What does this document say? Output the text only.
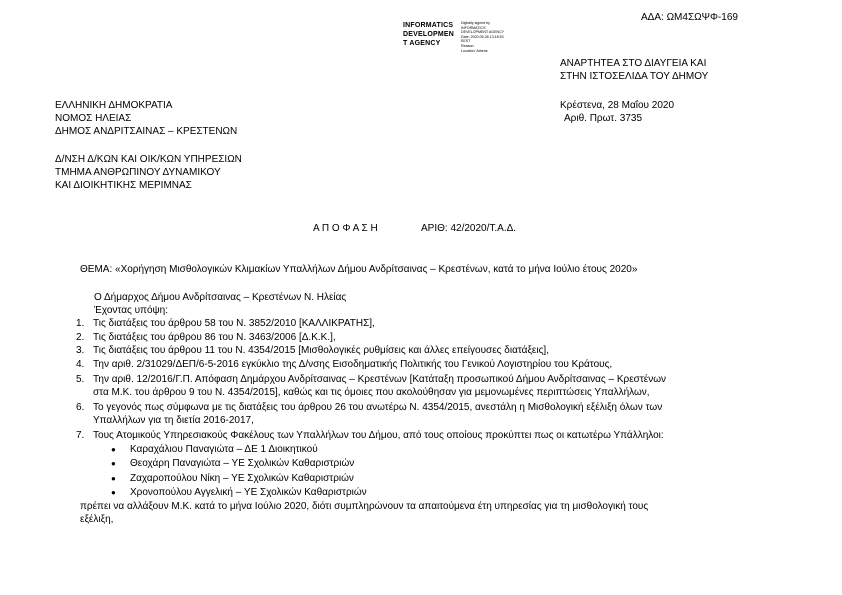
ΑΔΑ: ΩΜ4ΣΩΨΦ-169
INFORMATICS
DEVELOPMEN
T AGENCY
Digitally signed by
INFORMATICS
DEVELOPMENT AGENCY
Date: 2020.05.28 13:18:53
EEST
Reason:
Location: Athens
ΑΝΑΡΤΗΤΕΑ ΣΤΟ ΔΙΑΥΓΕΙΑ ΚΑΙ
ΣΤΗΝ ΙΣΤΟΣΕΛΙΔΑ ΤΟΥ ΔΗΜΟΥ
Κρέστενα, 28 Μαΐου 2020
Αριθ. Πρωτ. 3735
ΕΛΛΗΝΙΚΗ ΔΗΜΟΚΡΑΤΙΑ
ΝΟΜΟΣ ΗΛΕΙΑΣ
ΔΗΜΟΣ ΑΝΔΡΙΤΣΑΙΝΑΣ – ΚΡΕΣΤΕΝΩΝ
Δ/ΝΣΗ Δ/ΚΩΝ ΚΑΙ ΟΙΚ/ΚΩΝ ΥΠΗΡΕΣΙΩΝ
ΤΜΗΜΑ ΑΝΘΡΩΠΙΝΟΥ ΔΥΝΑΜΙΚΟΥ
ΚΑΙ ΔΙΟΙΚΗΤΙΚΗΣ ΜΕΡΙΜΝΑΣ
Α Π Ο Φ Α Σ Η	ΑΡΙΘ: 42/2020/Τ.Α.Δ.
ΘΕΜΑ: «Χορήγηση Μισθολογικών Κλιμακίων Υπαλλήλων Δήμου Ανδρίτσαινας – Κρεστένων, κατά το μήνα Ιούλιο έτους 2020»
Ο Δήμαρχος Δήμου Ανδρίτσαινας – Κρεστένων Ν. Ηλείας
Έχοντας υπόψη:
1. Τις διατάξεις του άρθρου 58 του Ν. 3852/2010 [ΚΑΛΛΙΚΡΑΤΗΣ],
2. Τις διατάξεις του άρθρου 86 του Ν. 3463/2006 [Δ.Κ.Κ.],
3. Τις διατάξεις του άρθρου 11 του Ν. 4354/2015 [Μισθολογικές ρυθμίσεις και άλλες επείγουσες διατάξεις],
4. Την αριθ. 2/31029/ΔΕΠ/6-5-2016 εγκύκλιο της Δ/νσης Εισοδηματικής Πολιτικής του Γενικού Λογιστηρίου του Κράτους,
5. Την αριθ. 12/2016/Γ.Π. Απόφαση Δημάρχου Ανδρίτσαινας – Κρεστένων [Κατάταξη προσωπικού Δήμου Ανδρίτσαινας – Κρεστένων
στα Μ.Κ. του άρθρου 9 του Ν. 4354/2015], καθώς και τις όμοιες που ακολούθησαν για μεμονωμένες περιπτώσεις Υπαλλήλων,
6. Το γεγονός πως σύμφωνα με τις διατάξεις του άρθρου 26 του ανωτέρω Ν. 4354/2015, ανεστάλη η Μισθολογική εξέλιξη όλων των
Υπαλλήλων για τη διετία 2016-2017,
7. Τους Ατομικούς Υπηρεσιακούς Φακέλους των Υπαλλήλων του Δήμου, από τους οποίους προκύπτει πως οι κατωτέρω Υπάλληλοι:
● Καραχάλιου Παναγιώτα – ΔΕ 1 Διοικητικού
● Θεοχάρη Παναγιώτα – ΥΕ Σχολικών Καθαριστριών
● Ζαχαροπούλου Νίκη – ΥΕ Σχολικών Καθαριστριών
● Χρονοπούλου Αγγελική – ΥΕ Σχολικών Καθαριστριών
πρέπει να αλλάξουν Μ.Κ. κατά το μήνα Ιούλιο 2020, διότι συμπληρώνουν τα απαιτούμενα έτη υπηρεσίας για τη μισθολογική τους
εξέλιξη,
